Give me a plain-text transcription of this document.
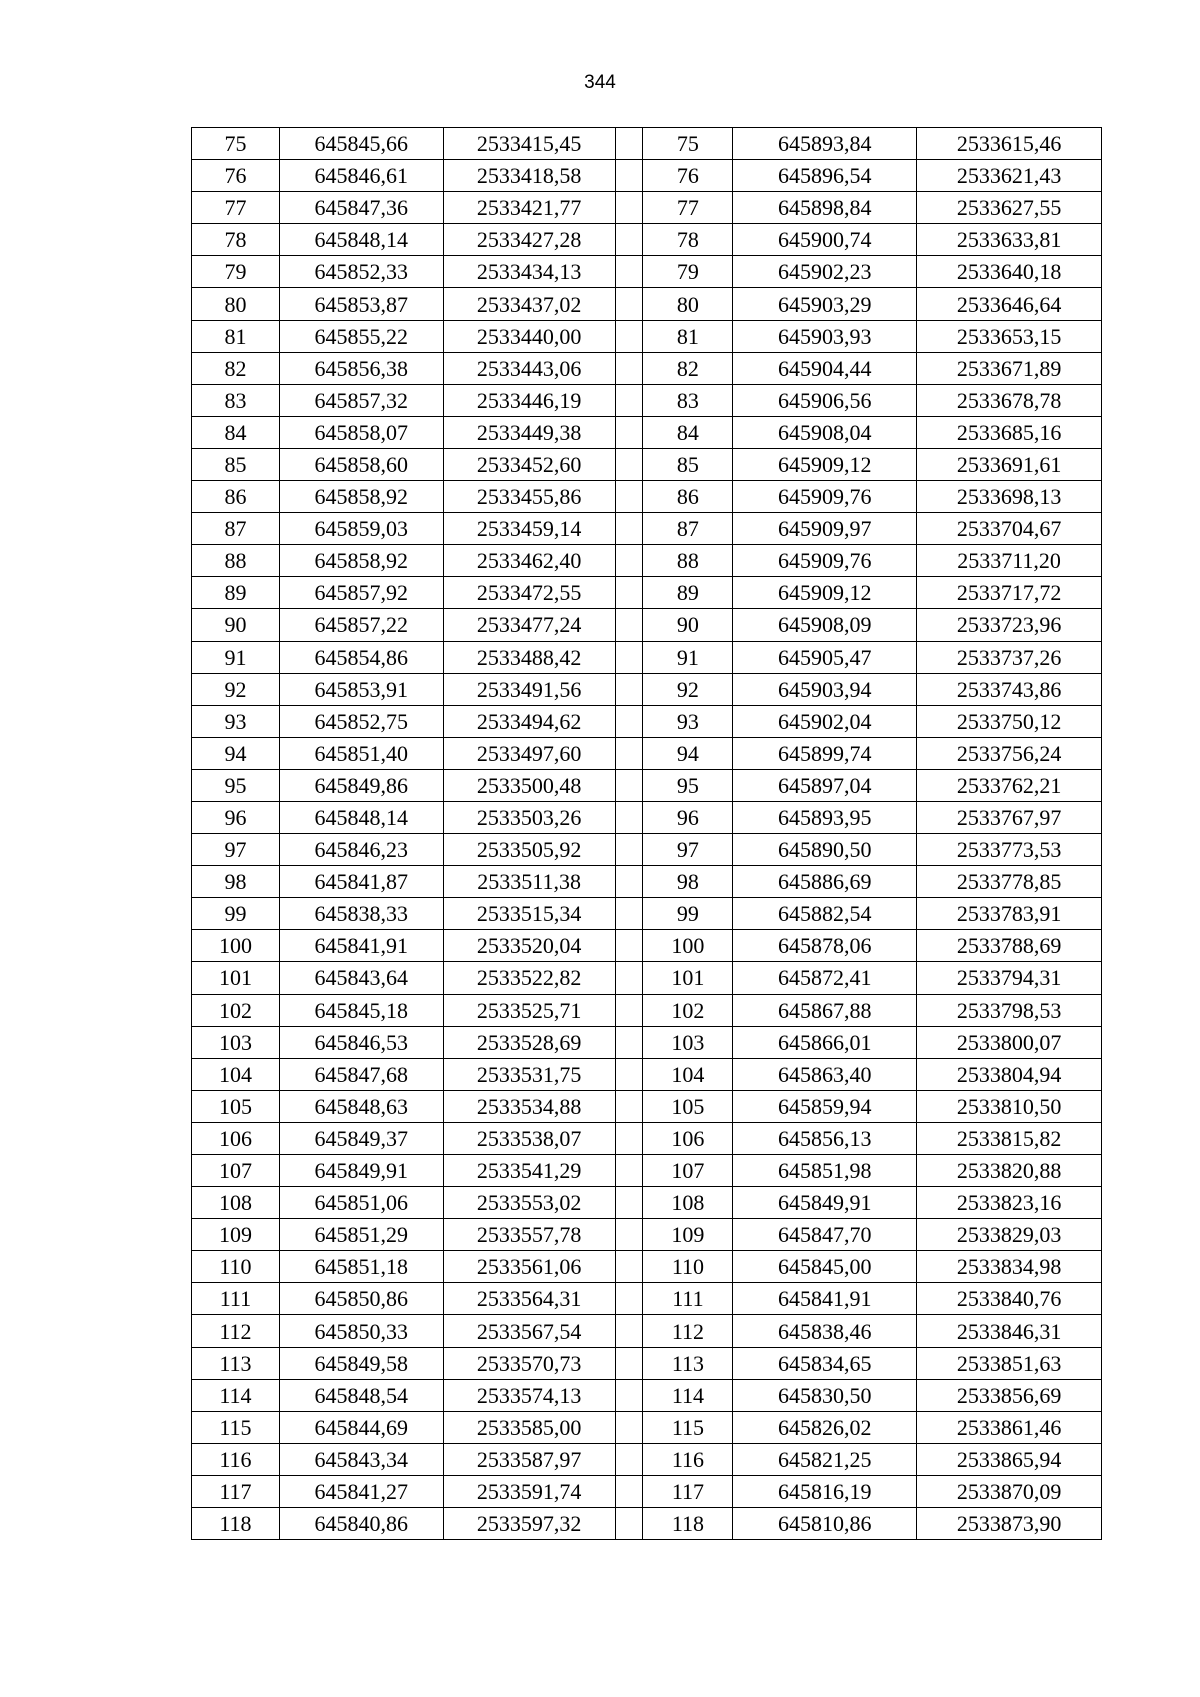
344
75	645845,66	2533415,45		75	645893,84	2533615,46
76	645846,61	2533418,58		76	645896,54	2533621,43
77	645847,36	2533421,77		77	645898,84	2533627,55
78	645848,14	2533427,28		78	645900,74	2533633,81
79	645852,33	2533434,13		79	645902,23	2533640,18
80	645853,87	2533437,02		80	645903,29	2533646,64
81	645855,22	2533440,00		81	645903,93	2533653,15
82	645856,38	2533443,06		82	645904,44	2533671,89
83	645857,32	2533446,19		83	645906,56	2533678,78
84	645858,07	2533449,38		84	645908,04	2533685,16
85	645858,60	2533452,60		85	645909,12	2533691,61
86	645858,92	2533455,86		86	645909,76	2533698,13
87	645859,03	2533459,14		87	645909,97	2533704,67
88	645858,92	2533462,40		88	645909,76	2533711,20
89	645857,92	2533472,55		89	645909,12	2533717,72
90	645857,22	2533477,24		90	645908,09	2533723,96
91	645854,86	2533488,42		91	645905,47	2533737,26
92	645853,91	2533491,56		92	645903,94	2533743,86
93	645852,75	2533494,62		93	645902,04	2533750,12
94	645851,40	2533497,60		94	645899,74	2533756,24
95	645849,86	2533500,48		95	645897,04	2533762,21
96	645848,14	2533503,26		96	645893,95	2533767,97
97	645846,23	2533505,92		97	645890,50	2533773,53
98	645841,87	2533511,38		98	645886,69	2533778,85
99	645838,33	2533515,34		99	645882,54	2533783,91
100	645841,91	2533520,04		100	645878,06	2533788,69
101	645843,64	2533522,82		101	645872,41	2533794,31
102	645845,18	2533525,71		102	645867,88	2533798,53
103	645846,53	2533528,69		103	645866,01	2533800,07
104	645847,68	2533531,75		104	645863,40	2533804,94
105	645848,63	2533534,88		105	645859,94	2533810,50
106	645849,37	2533538,07		106	645856,13	2533815,82
107	645849,91	2533541,29		107	645851,98	2533820,88
108	645851,06	2533553,02		108	645849,91	2533823,16
109	645851,29	2533557,78		109	645847,70	2533829,03
110	645851,18	2533561,06		110	645845,00	2533834,98
111	645850,86	2533564,31		111	645841,91	2533840,76
112	645850,33	2533567,54		112	645838,46	2533846,31
113	645849,58	2533570,73		113	645834,65	2533851,63
114	645848,54	2533574,13		114	645830,50	2533856,69
115	645844,69	2533585,00		115	645826,02	2533861,46
116	645843,34	2533587,97		116	645821,25	2533865,94
117	645841,27	2533591,74		117	645816,19	2533870,09
118	645840,86	2533597,32		118	645810,86	2533873,90
